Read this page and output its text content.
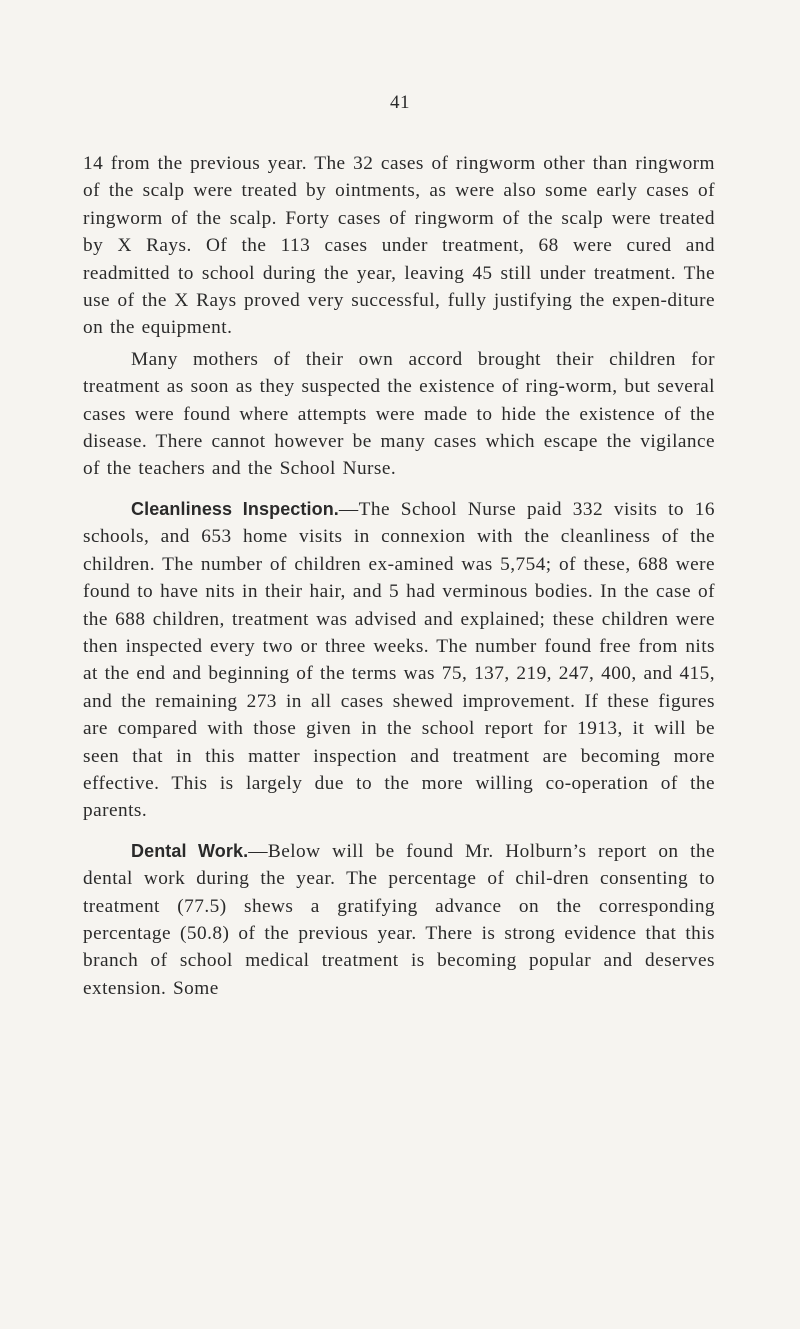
41

14 from the previous year. The 32 cases of ringworm other than ringworm of the scalp were treated by ointments, as were also some early cases of ringworm of the scalp. Forty cases of ringworm of the scalp were treated by X Rays. Of the 113 cases under treatment, 68 were cured and readmitted to school during the year, leaving 45 still under treatment. The use of the X Rays proved very successful, fully justifying the expen-diture on the equipment.

Many mothers of their own accord brought their children for treatment as soon as they suspected the existence of ring-worm, but several cases were found where attempts were made to hide the existence of the disease. There cannot however be many cases which escape the vigilance of the teachers and the School Nurse.

Cleanliness Inspection.—The School Nurse paid 332 visits to 16 schools, and 653 home visits in connexion with the cleanliness of the children. The number of children ex-amined was 5,754; of these, 688 were found to have nits in their hair, and 5 had verminous bodies. In the case of the 688 children, treatment was advised and explained; these children were then inspected every two or three weeks. The number found free from nits at the end and beginning of the terms was 75, 137, 219, 247, 400, and 415, and the remaining 273 in all cases shewed improvement. If these figures are compared with those given in the school report for 1913, it will be seen that in this matter inspection and treatment are becoming more effective. This is largely due to the more willing co-operation of the parents.

Dental Work.—Below will be found Mr. Holburn’s report on the dental work during the year. The percentage of chil-dren consenting to treatment (77.5) shews a gratifying advance on the corresponding percentage (50.8) of the previous year. There is strong evidence that this branch of school medical treatment is becoming popular and deserves extension. Some
